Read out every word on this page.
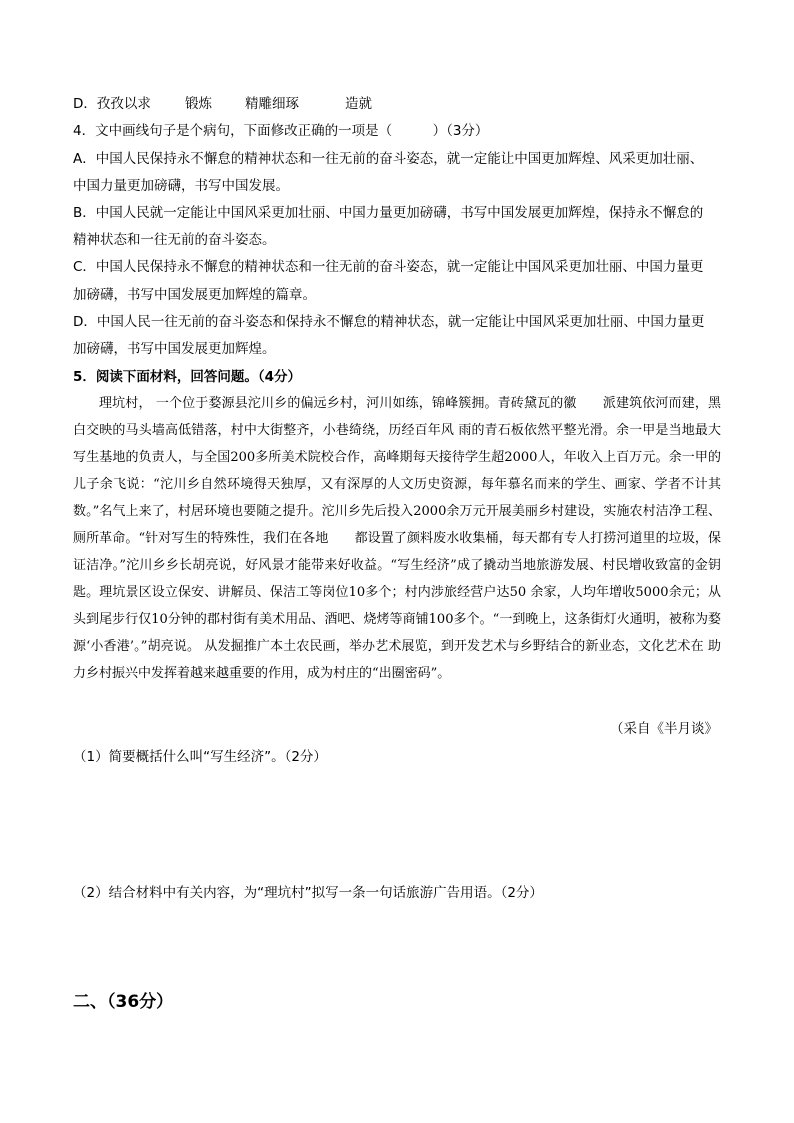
D．孜孜以求	锻炼 精雕细琢	造就
4．文中画线句子是个病句，下面修改正确的一项是（　　　）（3分）
A．中国人民保持永不懈怠的精神状态和一往无前的奋斗姿态，就一定能让中国更加辉煌、风采更加壮丽、
中国力量更加磅礴，书写中国发展。
B．中国人民就一定能让中国风采更加壮丽、中国力量更加磅礴，书写中国发展更加辉煌，保持永不懈怠的
精神状态和一往无前的奋斗姿态。
C．中国人民保持永不懈怠的精神状态和一往无前的奋斗姿态，就一定能让中国风采更加壮丽、中国力量更
加磅礴，书写中国发展更加辉煌的篇章。
D．中国人民一往无前的奋斗姿态和保持永不懈怠的精神状态，就一定能让中国风采更加壮丽、中国力量更
加磅礴，书写中国发展更加辉煌。
5．阅读下面材料，回答问题。（4分）
理坑村， 一个位于婺源县沱川乡的偏远乡村，河川如练，锦峰簇拥。青砖黛瓦的徽　　派建筑依河而建，黑白交映的马头墙高低错落，村中大街整齐，小巷绮绕，历经百年风 雨的青石板依然平整光滑。余一甲是当地最大写生基地的负责人，与全国200多所美术院校合作，高峰期每天接待学生超2000人，年收入上百万元。余一甲的儿子余飞说：“沱川乡自然环境得天独厚，又有深厚的人文历史资源，每年慕名而来的学生、画家、学者不计其数。”名气上来了，村居环境也要随之提升。沱川乡先后投入2000余万元开展美丽乡村建设，实施农村洁净工程、厕所革命。“针对写生的特殊性，我们在各地　　都设置了颜料废水收集桶，每天都有专人打捞河道里的垃圾，保证洁净。”沱川乡乡长胡亮说，好风景才能带来好收益。“写生经济”成了撬动当地旅游发展、村民增收致富的金钥匙。理坑景区设立保安、讲解员、保洁工等岗位10多个；村内涉旅经营户达50 余家，人均年增收5000余元；从头到尾步行仅10分钟的郡村街有美术用品、酒吧、烧烤等商铺100多个。“一到晚上，这条街灯火通明，被称为婺源‘小香港’。”胡亮说。 从发掘推广本土农民画，举办艺术展览，到开发艺术与乡野结合的新业态，文化艺术在 助力乡村振兴中发挥着越来越重要的作用，成为村庄的“出圈密码”。
（采自《半月谈》
（1）简要概括什么叫“写生经济”。（2分）
（2）结合材料中有关内容，为“理坑村”拟写一条一句话旅游广告用语。（2分）
二、（36分）
